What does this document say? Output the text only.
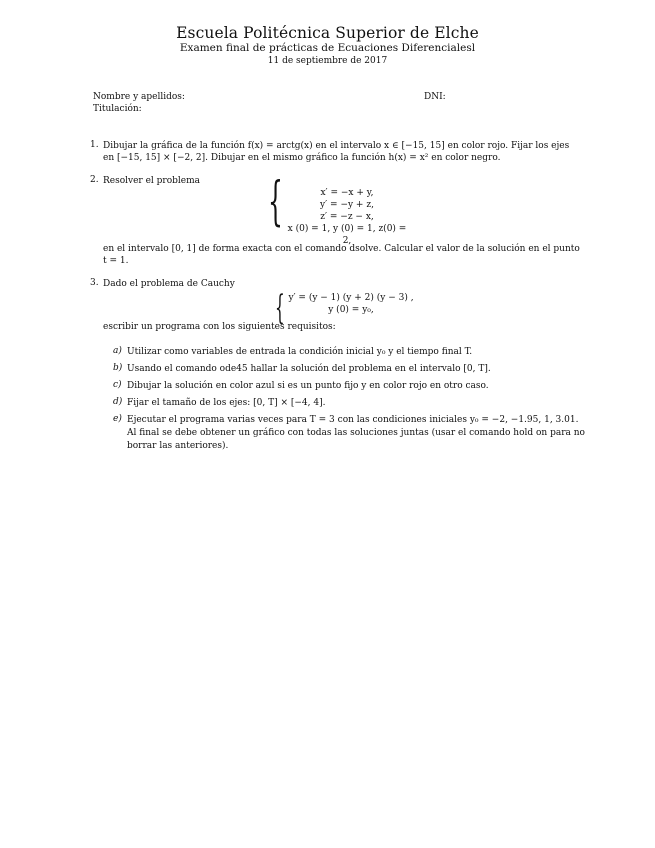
Escuela Politécnica Superior de Elche
Examen final de prácticas de Ecuaciones Diferencialesl
11 de septiembre de 2017
Nombre y apellidos:	DNI:
Titulación:
1. Dibujar la gráfica de la función f(x) = arctg(x) en el intervalo x ∈ [−15, 15] en color rojo. Fijar los ejes
en [−15, 15] × [−2, 2]. Dibujar en el mismo gráfico la función h(x) = x² en color negro.
2. Resolver el problema {	x′ = −x + y,
y′ = −y + z,
z′ = −z − x,
x (0) = 1, y (0) = 1, z(0) = 2,
en el intervalo [0, 1] de forma exacta con el comando dsolve. Calcular el valor de la solución en el punto
t = 1.
3. Dado el problema de Cauchy
{ y′ = (y − 1) (y + 2) (y − 3) ,
y (0) = y₀,
escribir un programa con los siguientes requisitos:
a) Utilizar como variables de entrada la condición inicial y₀ y el tiempo final T.
b) Usando el comando ode45 hallar la solución del problema en el intervalo [0, T].
c) Dibujar la solución en color azul si es un punto fijo y en color rojo en otro caso.
d) Fijar el tamaño de los ejes: [0, T] × [−4, 4].
e) Ejecutar el programa varias veces para T = 3 con las condiciones iniciales y₀ = −2, −1.95, 1, 3.01.
Al final se debe obtener un gráfico con todas las soluciones juntas (usar el comando hold on para no
borrar las anteriores).
